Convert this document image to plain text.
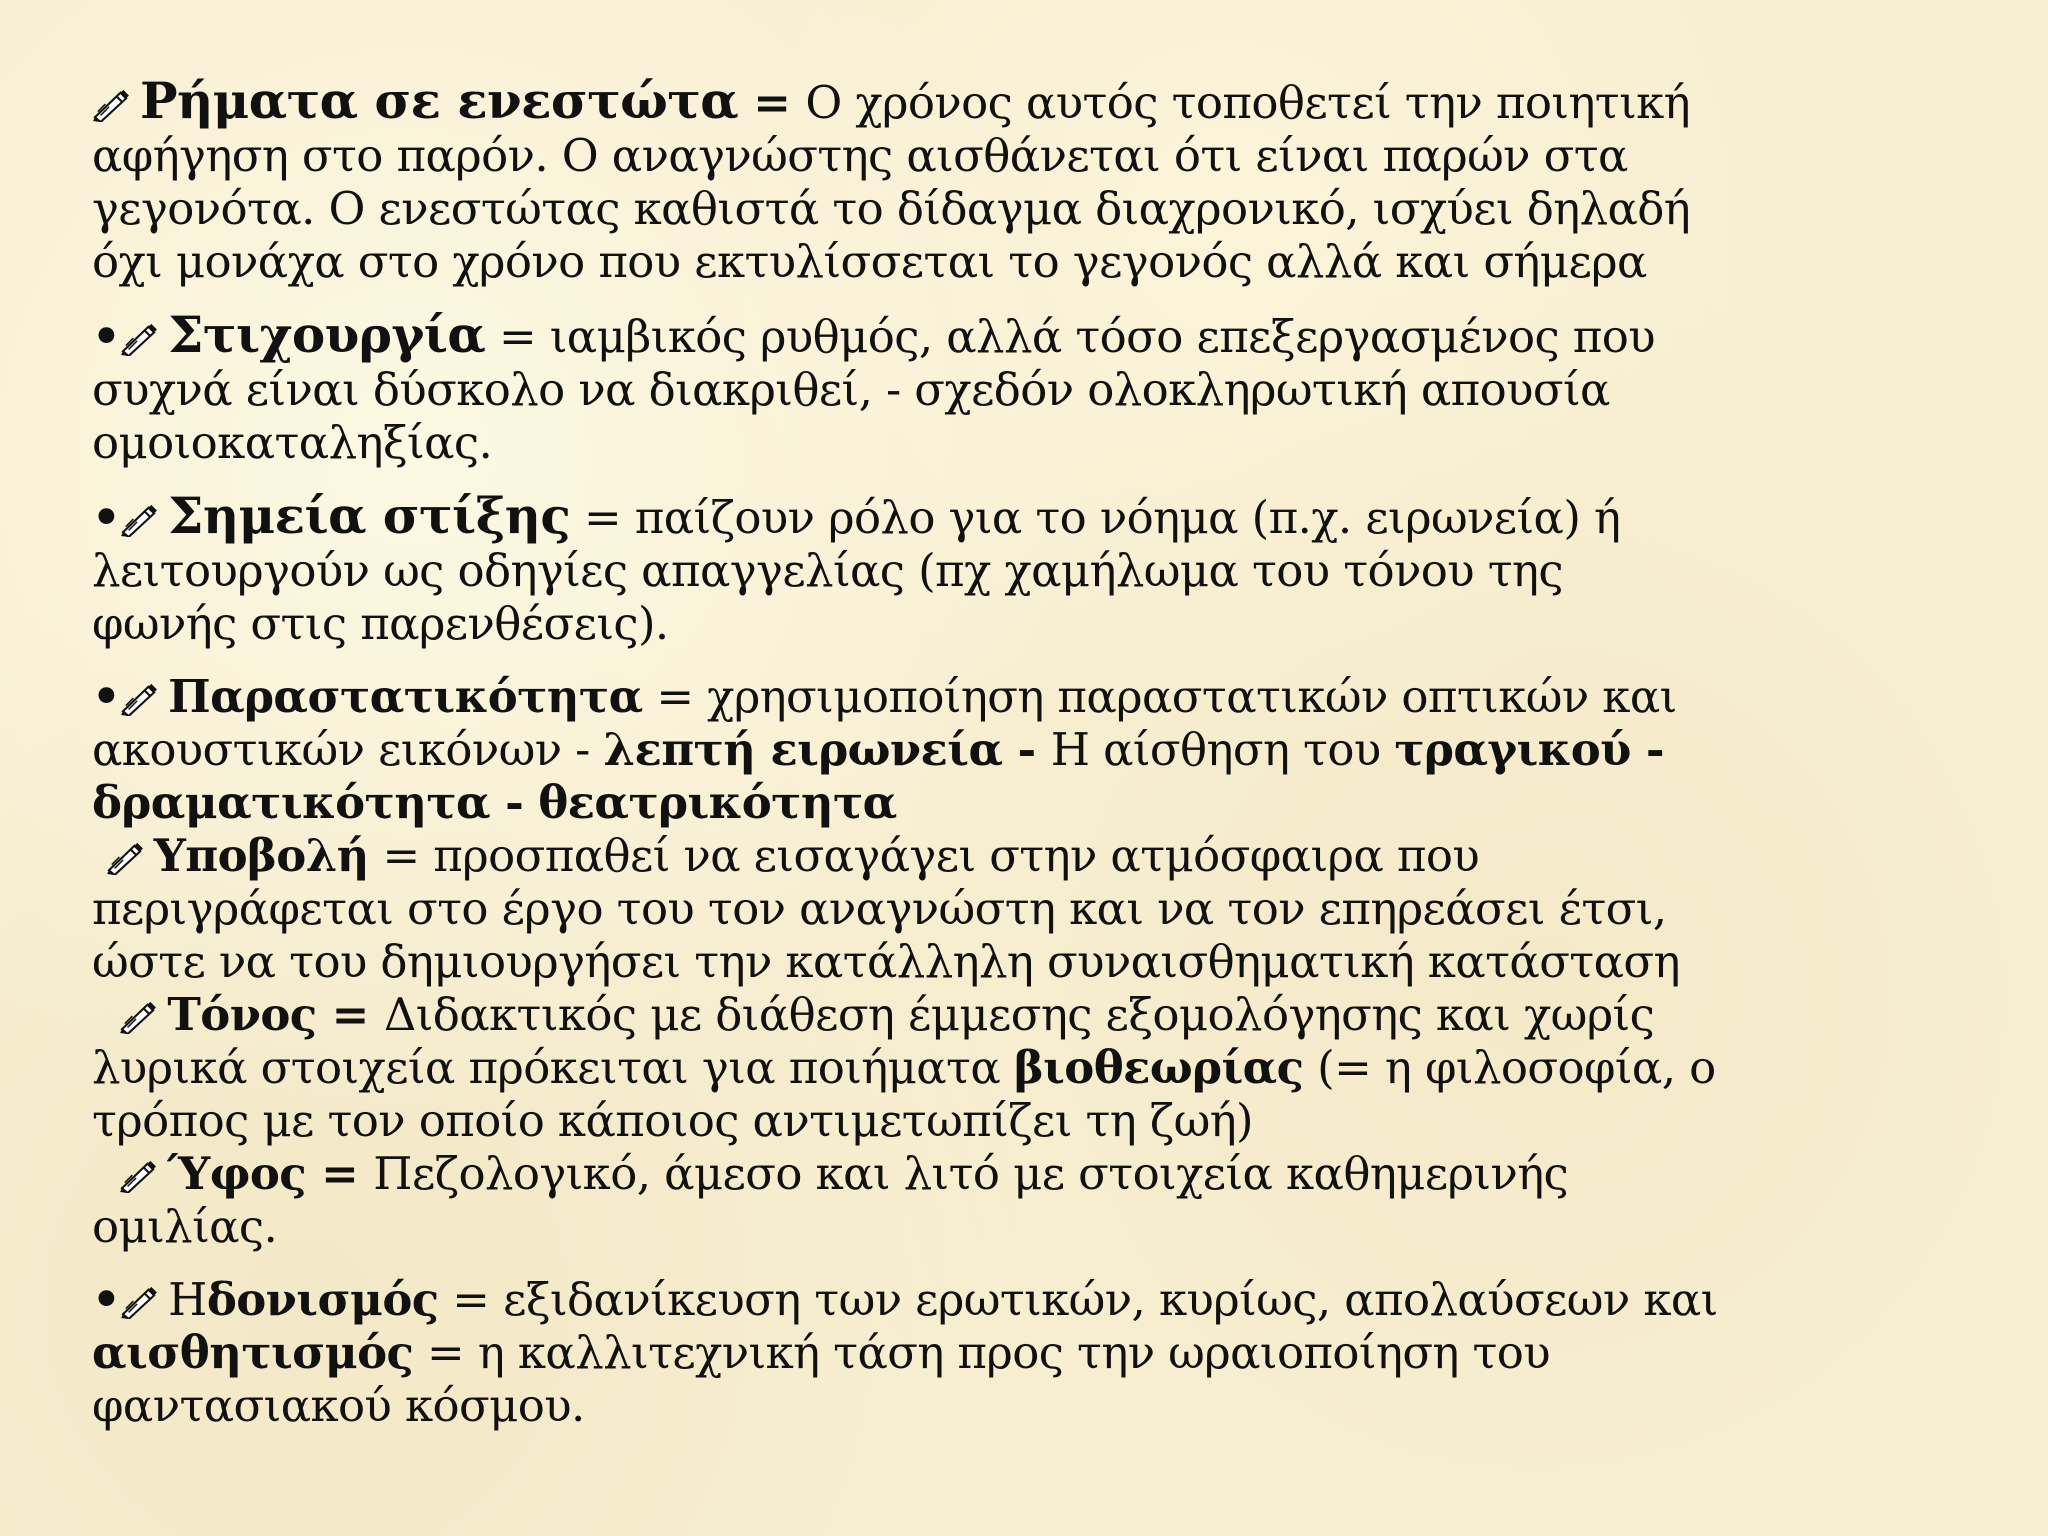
Ρήματα σε ενεστώτα = Ο χρόνος αυτός τοποθετεί την ποιητική
αφήγηση στο παρόν. Ο αναγνώστης αισθάνεται ότι είναι παρών στα
γεγονότα. Ο ενεστώτας καθιστά το δίδαγμα διαχρονικό, ισχύει δηλαδή
όχι μονάχα στο χρόνο που εκτυλίσσεται το γεγονός αλλά και σήμερα
• Στιχουργία = ιαμβικός ρυθμός, αλλά τόσο επεξεργασμένος που
συχνά είναι δύσκολο να διακριθεί, - σχεδόν ολοκληρωτική απουσία
ομοιοκαταληξίας.
• Σημεία στίξης = παίζουν ρόλο για το νόημα (π.χ. ειρωνεία) ή
λειτουργούν ως οδηγίες απαγγελίας (πχ χαμήλωμα του τόνου της
φωνής στις παρενθέσεις).
• Παραστατικότητα = χρησιμοποίηση παραστατικών οπτικών και
ακουστικών εικόνων - λεπτή ειρωνεία - Η αίσθηση του τραγικού -
δραματικότητα - θεατρικότητα
Υποβολή = προσπαθεί να εισαγάγει στην ατμόσφαιρα που
περιγράφεται στο έργο του τον αναγνώστη και να τον επηρεάσει έτσι,
ώστε να του δημιουργήσει την κατάλληλη συναισθηματική κατάσταση
Τόνος = Διδακτικός με διάθεση έμμεσης εξομολόγησης και χωρίς
λυρικά στοιχεία πρόκειται για ποιήματα βιοθεωρίας (= η φιλοσοφία, ο
τρόπος με τον οποίο κάποιος αντιμετωπίζει τη ζωή)
Ύφος = Πεζολογικό, άμεσο και λιτό με στοιχεία καθημερινής
ομιλίας.
• Ηδονισμός = εξιδανίκευση των ερωτικών, κυρίως, απολαύσεων και
αισθητισμός = η καλλιτεχνική τάση προς την ωραιοποίηση του
φαντασιακού κόσμου.
